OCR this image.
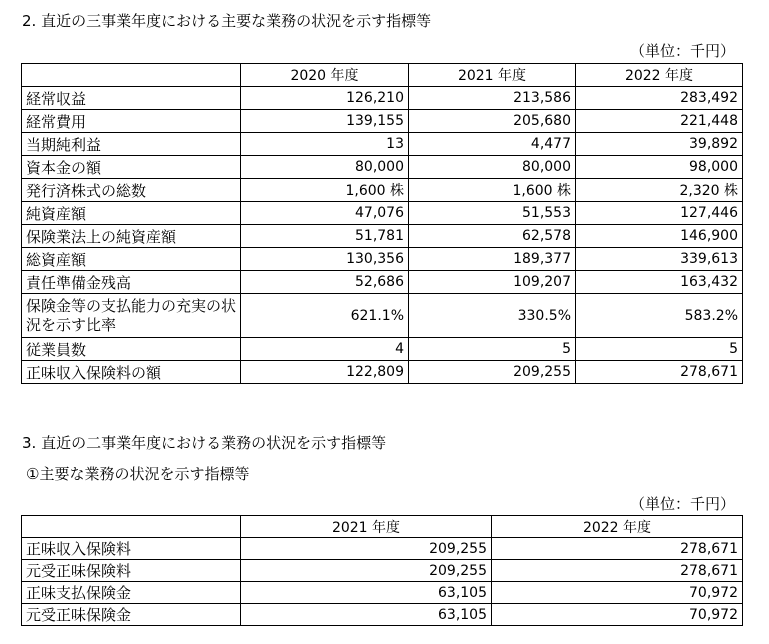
2. 直近の三事業年度における主要な業務の状況を示す指標等
（単位：千円）
	2020 年度	2021 年度	2022 年度
経常収益	126,210	213,586	283,492
経常費用	139,155	205,680	221,448
当期純利益	13	4,477	39,892
資本金の額	80,000	80,000	98,000
発行済株式の総数	1,600 株	1,600 株	2,320 株
純資産額	47,076	51,553	127,446
保険業法上の純資産額	51,781	62,578	146,900
総資産額	130,356	189,377	339,613
責任準備金残高	52,686	109,207	163,432
保険金等の支払能力の充実の状況を示す比率	621.1%	330.5%	583.2%
従業員数	4	5	5
正味収入保険料の額	122,809	209,255	278,671
3. 直近の二事業年度における業務の状況を示す指標等
①主要な業務の状況を示す指標等
（単位：千円）
	2021 年度	2022 年度
正味収入保険料	209,255	278,671
元受正味保険料	209,255	278,671
正味支払保険金	63,105	70,972
元受正味保険金	63,105	70,972
